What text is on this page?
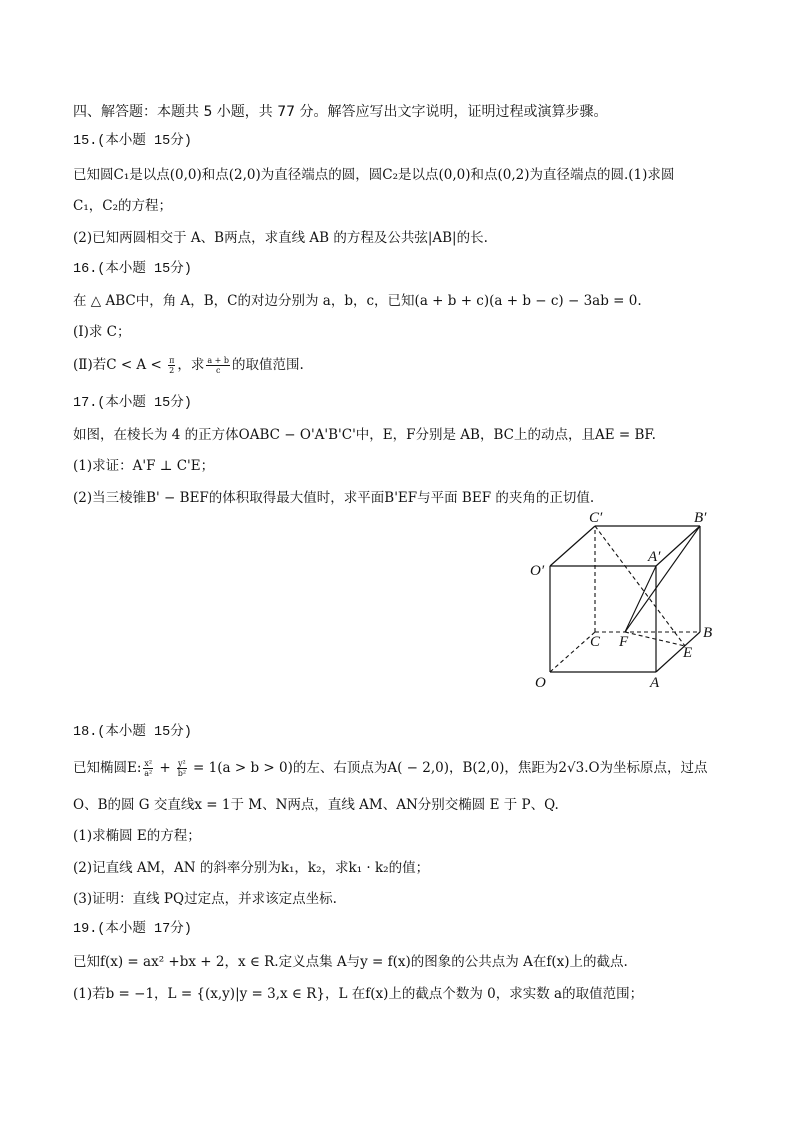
四、解答题：本题共 5 小题，共 77 分。解答应写出文字说明，证明过程或演算步骤。
15.(本小题 15分)
已知圆C₁是以点(0,0)和点(2,0)为直径端点的圆，圆C₂是以点(0,0)和点(0,2)为直径端点的圆.(1)求圆
C₁，C₂的方程；
(2)已知两圆相交于 A、B两点，求直线 AB 的方程及公共弦|AB|的长.
16.(本小题 15分)
在 △ ABC中，角 A，B，C的对边分别为 a，b，c，已知(a + b + c)(a + b − c) − 3ab = 0.
(Ⅰ)求 C；
(Ⅱ)若$C < A < \frac{\pi}{2}$ ，求 $\frac{a + b}{c}$ 的取值范围.
17.(本小题 15分)
如图，在棱长为 4 的正方体OABC − O'A'B'C'中，E，F分别是 AB，BC上的动点，且AE = BF.
(1)求证：A'F ⊥ C'E；
(2)当三棱锥B' − BEF的体积取得最大值时，求平面B'EF与平面 BEF 的夹角的正切值.
C′	B′
A′
O′
C F
B
E
O	A
18.(本小题 15分)
已知椭圆E: $\frac{\text{x²}}{\text{a²}} + \frac{\text{y²}}{\text{b²}} = 1(a > b > 0)$的左、右顶点为A( − 2,0)，B(2,0)，焦距为2√3.O为坐标原点，过点
O、B的圆 G 交直线x = 1于 M、N两点，直线 AM、AN分别交椭圆 E 于 P、Q.
(1)求椭圆 E的方程；
(2)记直线 AM，AN 的斜率分别为k₁，k₂，求k₁ · k₂的值；
(3)证明：直线 PQ过定点，并求该定点坐标.
19.(本小题 17分)
已知f(x) = ax² +bx + 2，x ∈ R.定义点集 A与y = f(x)的图象的公共点为 A在f(x)上的截点.
(1)若b = −1，L = {(x,y)|y = 3,x ∈ R}，L 在f(x)上的截点个数为 0，求实数 a的取值范围；
